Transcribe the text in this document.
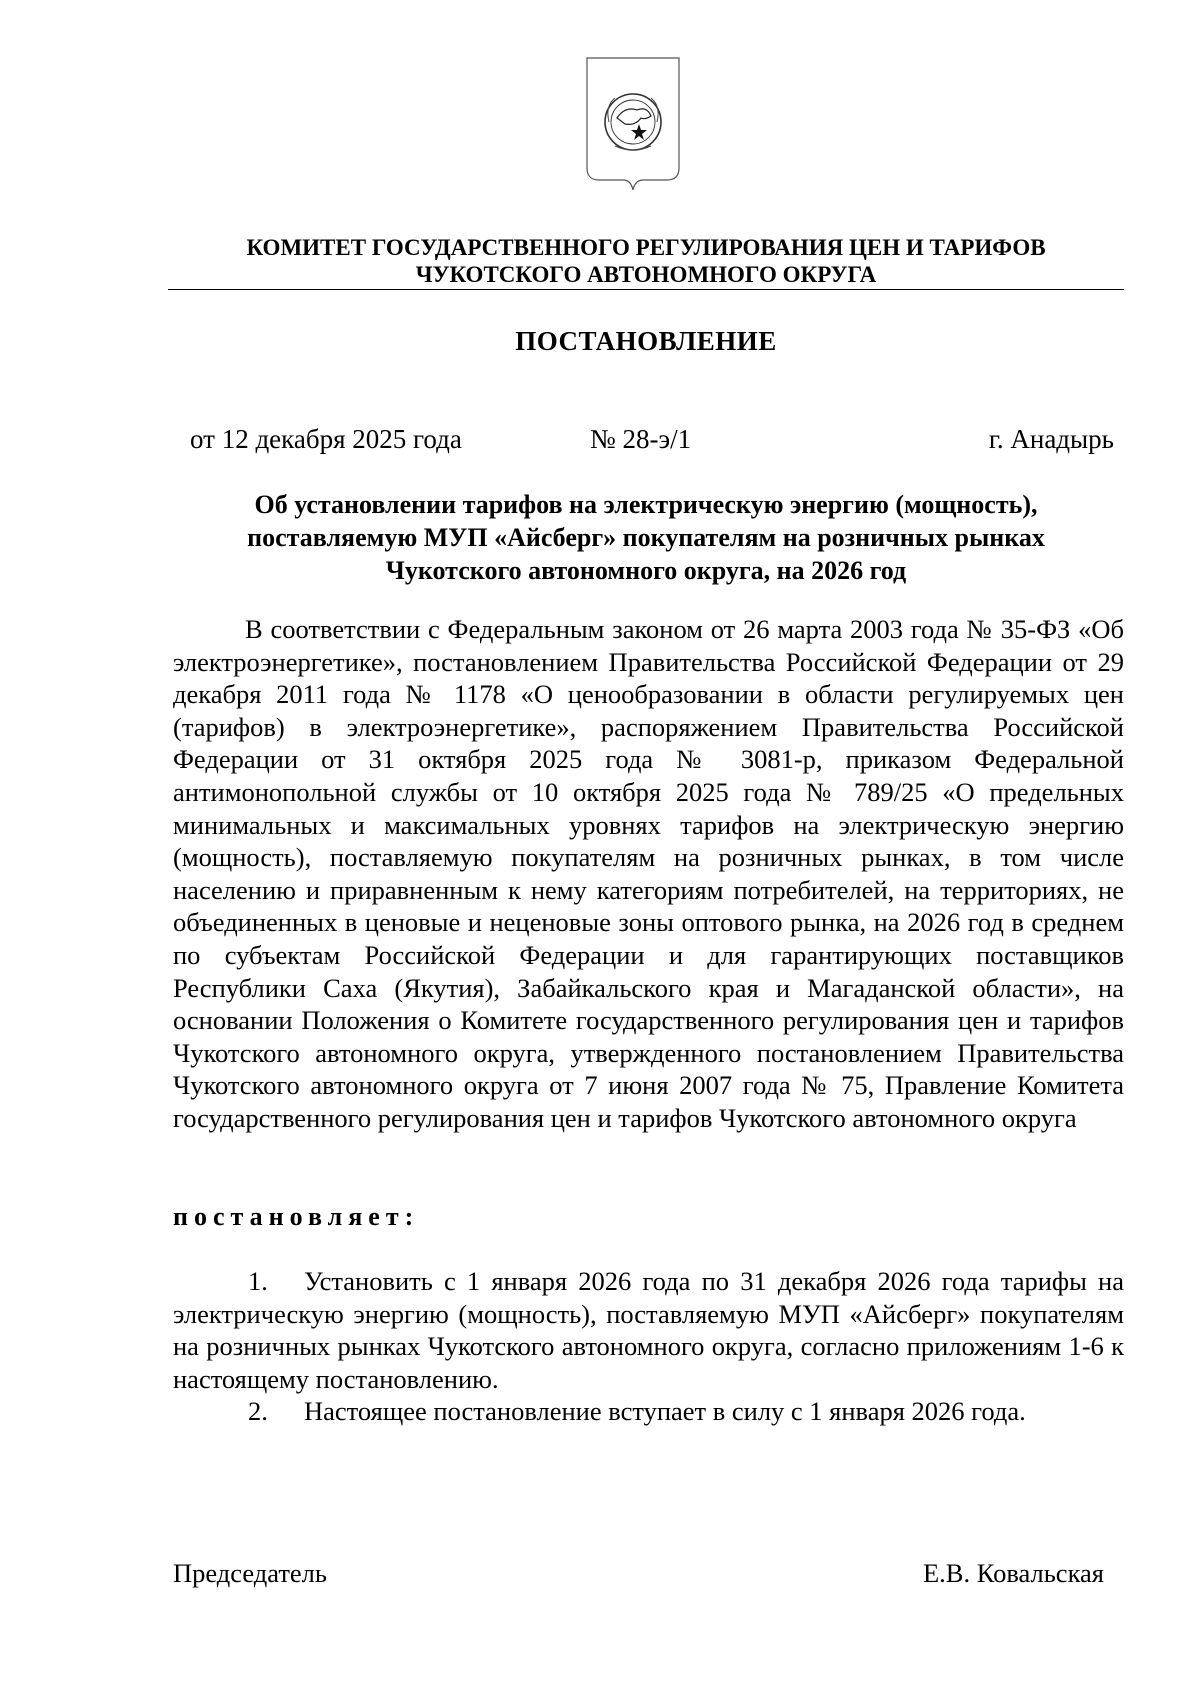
КОМИТЕТ ГОСУДАРСТВЕННОГО РЕГУЛИРОВАНИЯ ЦЕН И ТАРИФОВ
ЧУКОТСКОГО АВТОНОМНОГО ОКРУГА
ПОСТАНОВЛЕНИЕ
от 12 декабря 2025 года	№ 28-э/1	г. Анадырь
Об установлении тарифов на электрическую энергию (мощность),
поставляемую МУП «Айсберг» покупателям на розничных рынках
Чукотского автономного округа, на 2026 год

В соответствии с Федеральным законом от 26 марта 2003 года № 35-ФЗ «Об электроэнергетике», постановлением Правительства Российской Федерации от 29 декабря 2011 года № 1178 «О ценообразовании в области регулируемых цен (тарифов) в электроэнергетике», распоряжением Правительства Российской Федерации от 31 октября 2025 года № 3081-р, приказом Федеральной антимонопольной службы от 10 октября 2025 года № 789/25 «О предельных минимальных и максимальных уровнях тарифов на электрическую энергию (мощность), поставляемую покупателям на розничных рынках, в том числе населению и приравненным к нему категориям потребителей, на территориях, не объединенных в ценовые и неценовые зоны оптового рынка, на 2026 год в среднем по субъектам Российской Федерации и для гарантирующих поставщиков Республики Саха (Якутия), Забайкальского края и Магаданской области», на основании Положения о Комитете государственного регулирования цен и тарифов Чукотского автономного округа, утвержденного постановлением Правительства Чукотского автономного округа от 7 июня 2007 года № 75, Правление Комитета государственного регулирования цен и тарифов Чукотского автономного округа

постановляет:

1. Установить с 1 января 2026 года по 31 декабря 2026 года тарифы на электрическую энергию (мощность), поставляемую МУП «Айсберг» покупателям на розничных рынках Чукотского автономного округа, согласно приложениям 1-6 к настоящему постановлению.

2. Настоящее постановление вступает в силу с 1 января 2026 года.

Председатель	Е.В. Ковальская
